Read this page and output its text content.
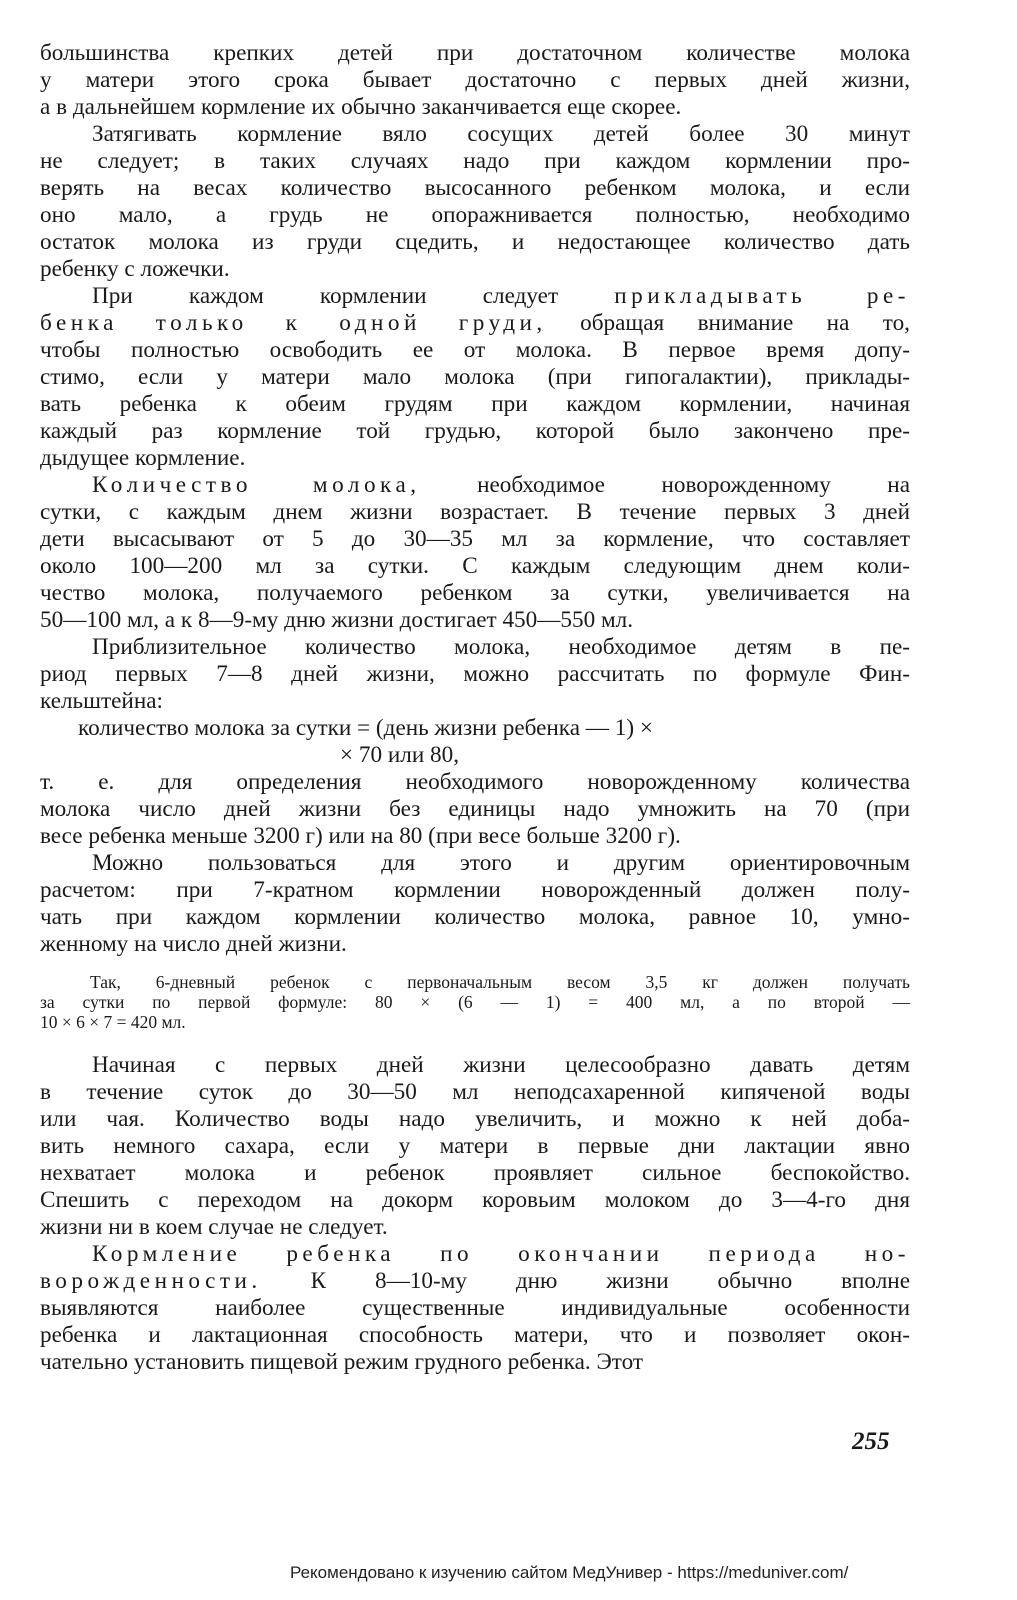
большинства крепких детей при достаточном количестве молока
у матери этого срока бывает достаточно с первых дней жизни,
а в дальнейшем кормление их обычно заканчивается еще скорее.

Затягивать кормление вяло сосущих детей более 30 минут
не следует; в таких случаях надо при каждом кормлении про-
верять на весах количество высосанного ребенком молока, и если
оно мало, а грудь не опоражнивается полностью, необходимо
остаток молока из груди сцедить, и недостающее количество дать
ребенку с ложечки.

При каждом кормлении следует прикладывать ре-
бенка только к одной груди, обращая внимание на то,
чтобы полностью освободить ее от молока. В первое время допу-
стимо, если у матери мало молока (при гипогалактии), приклады-
вать ребенка к обеим грудям при каждом кормлении, начиная
каждый раз кормление той грудью, которой было закончено пре-
дыдущее кормление.

Количество молока, необходимое новорожденному на
сутки, с каждым днем жизни возрастает. В течение первых 3 дней
дети высасывают от 5 до 30—35 мл за кормление, что составляет
около 100—200 мл за сутки. С каждым следующим днем коли-
чество молока, получаемого ребенком за сутки, увеличивается на
50—100 мл, а к 8—9-му дню жизни достигает 450—550 мл.

Приблизительное количество молока, необходимое детям в пе-
риод первых 7—8 дней жизни, можно рассчитать по формуле Фин-
кельштейна:

количество молока за сутки = (день жизни ребенка — 1) ×
× 70 или 80,

т. е. для определения необходимого новорожденному количества
молока число дней жизни без единицы надо умножить на 70 (при
весе ребенка меньше 3200 г) или на 80 (при весе больше 3200 г).

Можно пользоваться для этого и другим ориентировочным
расчетом: при 7-кратном кормлении новорожденный должен полу-
чать при каждом кормлении количество молока, равное 10, умно-
женному на число дней жизни.

Так, 6-дневный ребенок с первоначальным весом 3,5 кг должен получать
за сутки по первой формуле: 80 × (6 — 1) = 400 мл, а по второй —
10 × 6 × 7 = 420 мл.

Начиная с первых дней жизни целесообразно давать детям
в течение суток до 30—50 мл неподсахаренной кипяченой воды
или чая. Количество воды надо увеличить, и можно к ней доба-
вить немного сахара, если у матери в первые дни лактации явно
нехватает молока и ребенок проявляет сильное беспокойство.
Спешить с переходом на докорм коровьим молоком до 3—4-го дня
жизни ни в коем случае не следует.

Кормление ребенка по окончании периода но-
ворожденности. К 8—10-му дню жизни обычно вполне
выявляются наиболее существенные индивидуальные особенности
ребенка и лактационная способность матери, что и позволяет окон-
чательно установить пищевой режим грудного ребенка. Этот

255
Рекомендовано к изучению сайтом МедУнивер - https://meduniver.com/
